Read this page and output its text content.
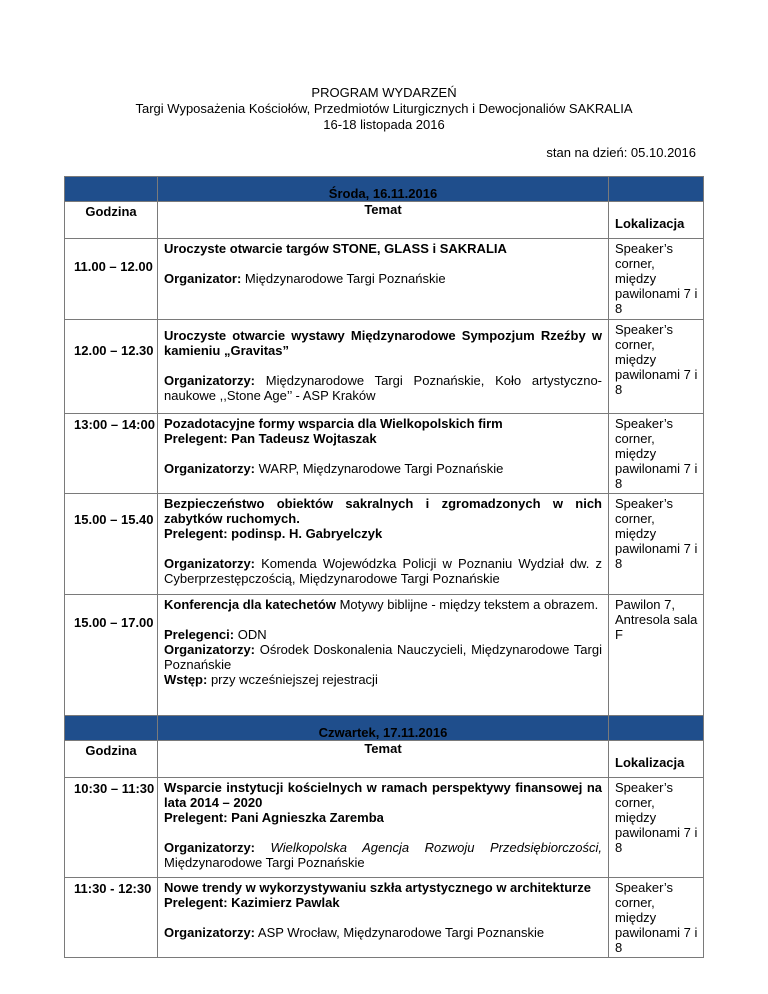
PROGRAM WYDARZEŃ
Targi Wyposażenia Kościołów, Przedmiotów Liturgicznych i Dewocjonaliów SAKRALIA
16-18 listopada 2016
stan na dzień: 05.10.2016
	Środa, 16.11.2016	
Godzina	Temat	Lokalizacja
11.00 – 12.00	Uroczyste otwarcie targów STONE, GLASS i SAKRALIA
Organizator: Międzynarodowe Targi Poznańskie	Speaker’s corner, między pawilonami 7 i 8
12.00 – 12.30	Uroczyste otwarcie wystawy Międzynarodowe Sympozjum Rzeźby w kamieniu „Gravitas”
Organizatorzy: Międzynarodowe Targi Poznańskie, Koło artystyczno-naukowe ,,Stone Age’’ - ASP Kraków	Speaker’s corner, między pawilonami 7 i 8
13:00 – 14:00	Pozadotacyjne formy wsparcia dla Wielkopolskich firm
Prelegent: Pan Tadeusz Wojtaszak
Organizatorzy: WARP, Międzynarodowe Targi Poznańskie	Speaker’s corner, między pawilonami 7 i 8
15.00 – 15.40	Bezpieczeństwo obiektów sakralnych i zgromadzonych w nich zabytków ruchomych.
Prelegent: podinsp. H. Gabryelczyk
Organizatorzy: Komenda Wojewódzka Policji w Poznaniu Wydział dw. z Cyberprzestępczością, Międzynarodowe Targi Poznańskie	Speaker’s corner, między pawilonami 7 i 8
15.00 – 17.00	Konferencja dla katechetów Motywy biblijne - między tekstem a obrazem.
Prelegenci: ODN
Organizatorzy: Ośrodek Doskonalenia Nauczycieli, Międzynarodowe Targi Poznańskie
Wstęp: przy wcześniejszej rejestracji	Pawilon 7, Antresola sala F
	Czwartek, 17.11.2016	
Godzina	Temat	Lokalizacja
10:30 – 11:30	Wsparcie instytucji kościelnych w ramach perspektywy finansowej na lata 2014 – 2020
Prelegent: Pani Agnieszka Zaremba
Organizatorzy: Wielkopolska Agencja Rozwoju Przedsiębiorczości, Międzynarodowe Targi Poznańskie	Speaker’s corner, między pawilonami 7 i 8
11:30 - 12:30	Nowe trendy w wykorzystywaniu szkła artystycznego w architekturze
Prelegent: Kazimierz Pawlak
Organizatorzy: ASP Wrocław, Międzynarodowe Targi Poznanskie	Speaker’s corner, między pawilonami 7 i 8
